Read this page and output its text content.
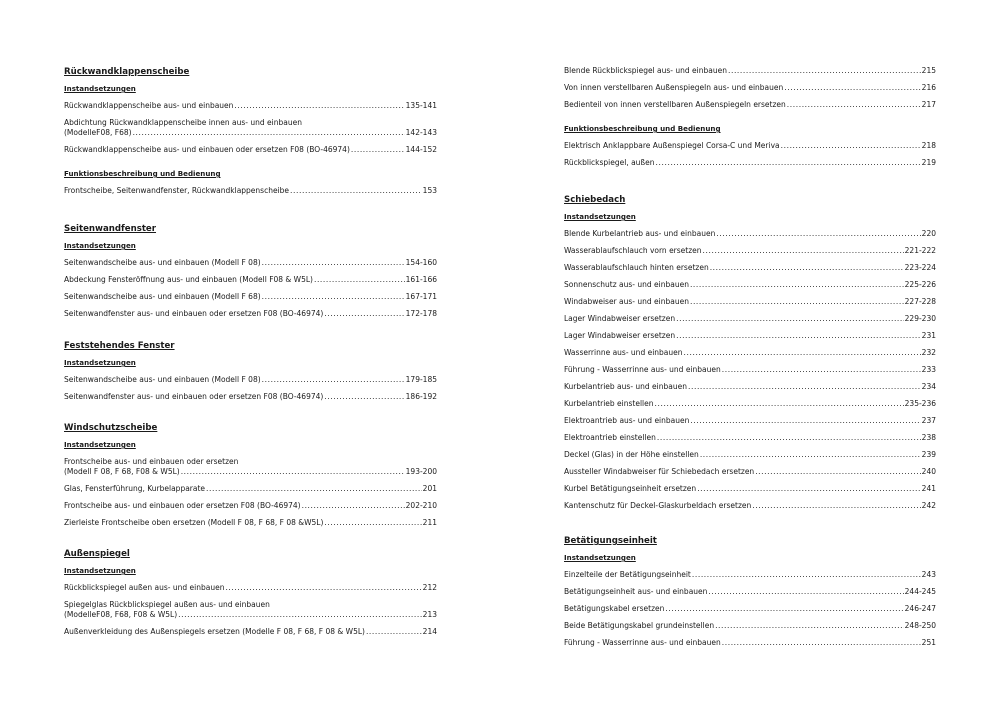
Rückwandklappenscheibe
Instandsetzungen
Rückwandklappenscheibe aus- und einbauen .....	135-141
Abdichtung Rückwandklappenscheibe innen aus- und einbauen
(ModelleF08, F68) .....	142-143
Rückwandklappenscheibe aus- und einbauen oder ersetzen F08 (BO-46974) .....	144-152
Funktionsbeschreibung und Bedienung
Frontscheibe, Seitenwandfenster, Rückwandklappenscheibe .....	153
Seitenwandfenster
Instandsetzungen
Seitenwandscheibe aus- und einbauen (Modell F 08) .....	154-160
Abdeckung Fensteröffnung aus- und einbauen (Modell F08 & W5L) .....	161-166
Seitenwandscheibe aus- und einbauen (Modell F 68) .....	167-171
Seitenwandfenster aus- und einbauen oder ersetzen F08 (BO-46974) .....	172-178
Feststehendes Fenster
Instandsetzungen
Seitenwandscheibe aus- und einbauen (Modell F 08) .....	179-185
Seitenwandfenster aus- und einbauen oder ersetzen F08 (BO-46974) .....	186-192
Windschutzscheibe
Instandsetzungen
Frontscheibe aus- und einbauen oder ersetzen
(Modell F 08, F 68, F08 & W5L) .....	193-200
Glas, Fensterführung, Kurbelapparate .....	201
Frontscheibe aus- und einbauen oder ersetzen F08 (BO-46974) .....	202-210
Zierleiste Frontscheibe oben ersetzen (Modell F 08, F 68, F 08 &W5L) .....	211
Außenspiegel
Instandsetzungen
Rückblickspiegel außen aus- und einbauen .....	212
Spiegelglas Rückblickspiegel außen aus- und einbauen
(ModelleF08, F68, F08 & W5L) .....	213
Außenverkleidung des Außenspiegels ersetzen (Modelle F 08, F 68, F 08 & W5L) .....	214
Blende Rückblickspiegel aus- und einbauen .....	215
Von innen verstellbaren Außenspiegeln aus- und einbauen .....	216
Bedienteil von innen verstellbaren Außenspiegeln ersetzen .....	217
Funktionsbeschreibung und Bedienung
Elektrisch Anklappbare Außenspiegel Corsa-C und Meriva .....	218
Rückblickspiegel, außen .....	219
Schiebedach
Instandsetzungen
Blende Kurbelantrieb aus- und einbauen .....	220
Wasserablaufschlauch vorn ersetzen .....	221-222
Wasserablaufschlauch hinten ersetzen .....	223-224
Sonnenschutz aus- und einbauen .....	225-226
Windabweiser aus- und einbauen .....	227-228
Lager Windabweiser ersetzen .....	229-230
Lager Windabweiser ersetzen .....	231
Wasserrinne aus- und einbauen .....	232
Führung - Wasserrinne aus- und einbauen .....	233
Kurbelantrieb aus- und einbauen .....	234
Kurbelantrieb einstellen .....	235-236
Elektroantrieb aus- und einbauen .....	237
Elektroantrieb einstellen .....	238
Deckel (Glas) in der Höhe einstellen .....	239
Aussteller Windabweiser für Schiebedach ersetzen .....	240
Kurbel Betätigungseinheit ersetzen .....	241
Kantenschutz für Deckel-Glaskurbeldach ersetzen .....	242
Betätigungseinheit
Instandsetzungen
Einzelteile der Betätigungseinheit .....	243
Betätigungseinheit aus- und einbauen .....	244-245
Betätigungskabel ersetzen .....	246-247
Beide Betätigungskabel grundeinstellen .....	248-250
Führung - Wasserrinne aus- und einbauen .....	251
